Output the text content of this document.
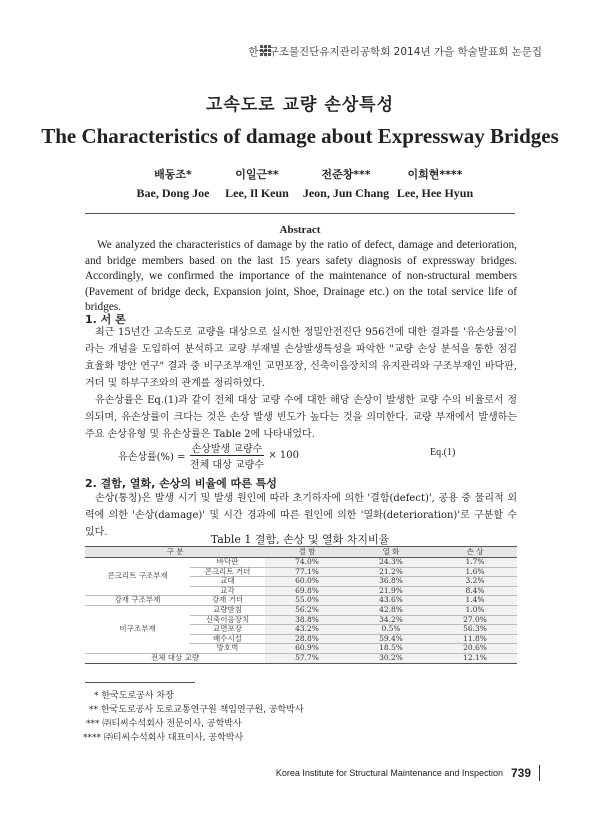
한국구조물진단유지관리공학회 2014년 가을 학술발표회 논문집
고속도로 교량 손상특성
The Characteristics of damage about Expressway Bridges
배동조*
Bae, Dong Joe
이일근**
Lee, Il Keun
전준창***
Jeon, Jun Chang
이희현****
Lee, Hee Hyun
Abstract
We analyzed the characteristics of damage by the ratio of defect, damage and deterioration, and bridge members based on the last 15 years safety diagnosis of expressway bridges. Accordingly, we confirmed the importance of the maintenance of non-structural members (Pavement of bridge deck, Expansion joint, Shoe, Drainage etc.) on the total service life of bridges.
1. 서 론
최근 15년간 고속도로 교량을 대상으로 실시한 정밀안전진단 956건에 대한 결과를 '유손상률'이라는 개념을 도입하여 분석하고 교량 부재별 손상발생특성을 파악한 "교량 손상 분석을 통한 점검 효율화 방안 연구" 결과 중 비구조부재인 교면포장, 신축이음장치의 유지관리와 구조부재인 바닥판, 거더 및 하부구조와의 관계를 정리하였다.
유손상률은 Eq.(1)과 같이 전체 대상 교량 수에 대한 해당 손상이 발생한 교량 수의 비율로서 정의되며, 유손상률이 크다는 것은 손상 발생 빈도가 높다는 것을 의미한다. 교량 부재에서 발생하는 주요 손상유형 및 유손상률은 Table 2에 나타내었다.
유손상률(%) = $\frac{\text{손상발생 교량수}}{\text{전체 대상 교량수}} \times 100$	Eq.(1)
2. 결함, 열화, 손상의 비율에 따른 특성
손상(통칭)은 발생 시기 및 발생 원인에 따라 초기하자에 의한 '결함(defect)', 공용 중 물리적 외력에 의한 '손상(damage)' 및 시간 경과에 따른 원인에 의한 '열화(deterioration)'로 구분할 수 있다.
Table 1 결함, 손상 및 열화 차지비율
구 분		결 함	열 화	손 상
콘크리트 구조부재	바닥판	74.0%	24.3%	1.7%
	콘크리트 거더	77.1%	21.2%	1.6%
	교대	60.0%	36.8%	3.2%
	교각	69.8%	21.9%	8.4%
강재 구조부재	강재 거더	55.0%	43.6%	1.4%
비구조부재	교량받침	56.2%	42.8%	1.0%
	신축이음장치	38.8%	34.2%	27.0%
	교면포장	43.2%	0.5%	56.3%
	배수시설	28.8%	59.4%	11.8%
	방호벽	60.9%	18.5%	20.6%
전체 대상 교량		57.7%	30.2%	12.1%
* 한국도로공사 차장
** 한국도로공사 도로교통연구원 책임연구원, 공학박사
*** ㈜티씨수석회사 전문이사, 공학박사
**** ㈜티씨수석회사 대표이사, 공학박사
Korea Institute for Structural Maintenance and Inspection 739
